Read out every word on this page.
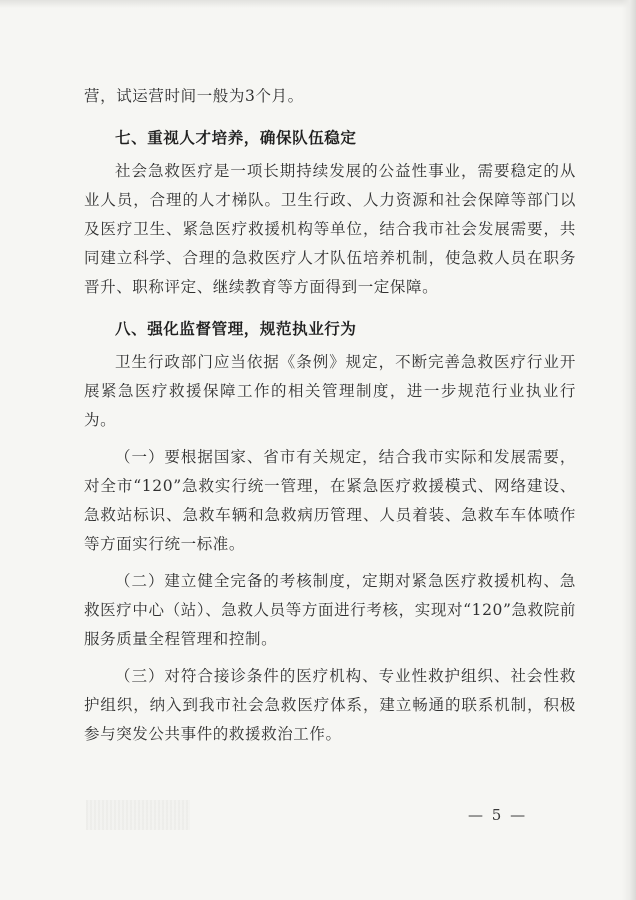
营，试运营时间一般为3个月。

七、重视人才培养，确保队伍稳定

社会急救医疗是一项长期持续发展的公益性事业，需要稳定的从业人员，合理的人才梯队。卫生行政、人力资源和社会保障等部门以及医疗卫生、紧急医疗救援机构等单位，结合我市社会发展需要，共同建立科学、合理的急救医疗人才队伍培养机制，使急救人员在职务晋升、职称评定、继续教育等方面得到一定保障。

八、强化监督管理，规范执业行为

卫生行政部门应当依据《条例》规定，不断完善急救医疗行业开展紧急医疗救援保障工作的相关管理制度，进一步规范行业执业行为。

（一）要根据国家、省市有关规定，结合我市实际和发展需要，对全市“120”急救实行统一管理，在紧急医疗救援模式、网络建设、急救站标识、急救车辆和急救病历管理、人员着装、急救车车体喷作等方面实行统一标准。

（二）建立健全完备的考核制度，定期对紧急医疗救援机构、急救医疗中心（站）、急救人员等方面进行考核，实现对“120”急救院前服务质量全程管理和控制。

（三）对符合接诊条件的医疗机构、专业性救护组织、社会性救护组织，纳入到我市社会急救医疗体系，建立畅通的联系机制，积极参与突发公共事件的救援救治工作。

— 5 —
